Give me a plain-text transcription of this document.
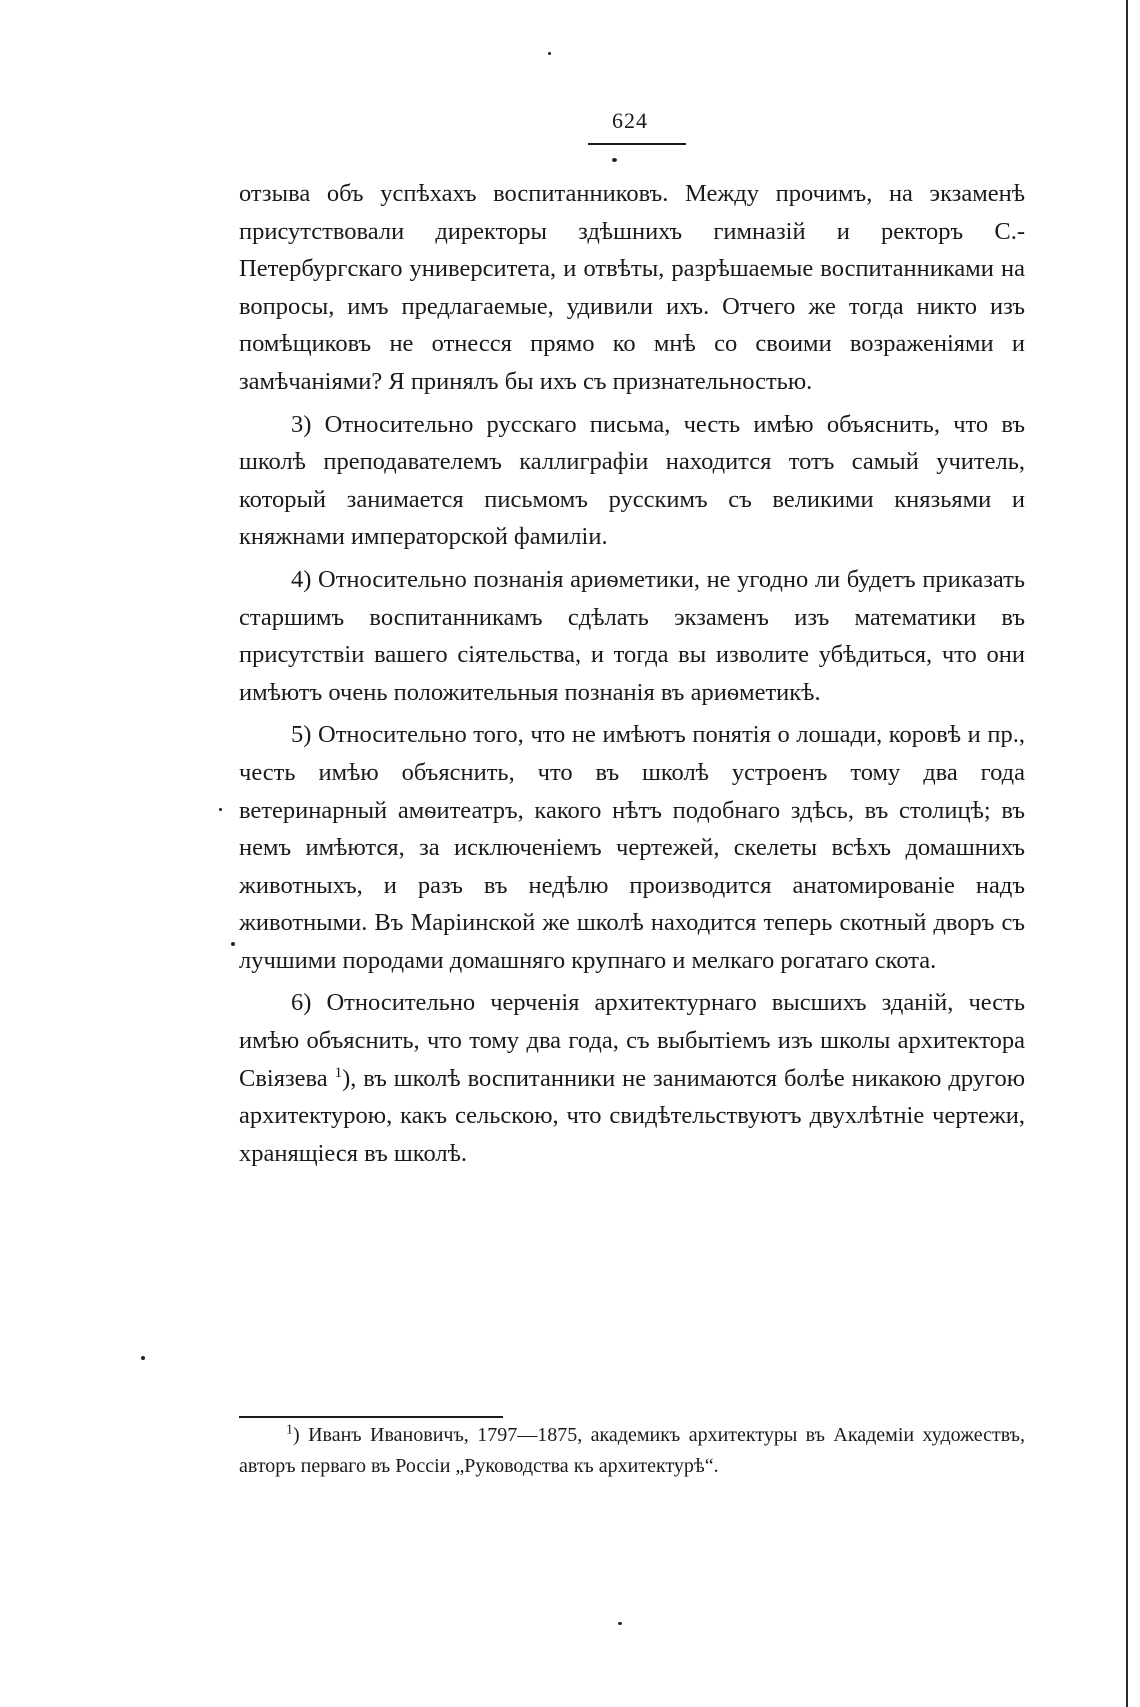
624

отзыва объ успѣхахъ воспитанниковъ. Между прочимъ, на экзаменѣ присутствовали директоры здѣшнихъ гимназій и ректоръ С.-Петербургскаго университета, и отвѣты, разрѣшаемые воспитанниками на вопросы, имъ предлагаемые, удивили ихъ. Отчего же тогда никто изъ помѣщиковъ не отнесся прямо ко мнѣ со своими возраженіями и замѣчаніями? Я принялъ бы ихъ съ признательностью.

3) Относительно русскаго письма, честь имѣю объяснить, что въ школѣ преподавателемъ каллиграфіи находится тотъ самый учитель, который занимается письмомъ русскимъ съ великими князьями и княжнами императорской фамиліи.

4) Относительно познанія ариѳметики, не угодно ли будетъ приказать старшимъ воспитанникамъ сдѣлать экзаменъ изъ математики въ присутствіи вашего сіятельства, и тогда вы изволите убѣдиться, что они имѣютъ очень положительныя познанія въ ариѳметикѣ.

5) Относительно того, что не имѣютъ понятія о лошади, коровѣ и пр., честь имѣю объяснить, что въ школѣ устроенъ тому два года ветеринарный амѳитеатръ, какого нѣтъ подобнаго здѣсь, въ столицѣ; въ немъ имѣются, за исключеніемъ чертежей, скелеты всѣхъ домашнихъ животныхъ, и разъ въ недѣлю производится анатомированіе надъ животными. Въ Маріинской же школѣ находится теперь скотный дворъ съ лучшими породами домашняго крупнаго и мелкаго рогатаго скота.

6) Относительно черченія архитектурнаго высшихъ зданій, честь имѣю объяснить, что тому два года, съ выбытіемъ изъ школы архитектора Свіязева $^1$), въ школѣ воспитанники не занимаются болѣе никакою другою архитектурою, какъ сельскою, что свидѣтельствуютъ двухлѣтніе чертежи, хранящіеся въ школѣ.

$^1$) Иванъ Ивановичъ, 1797—1875, академикъ архитектуры въ Академіи художествъ, авторъ перваго въ Россіи „Руководства къ архитектурѣ“.
